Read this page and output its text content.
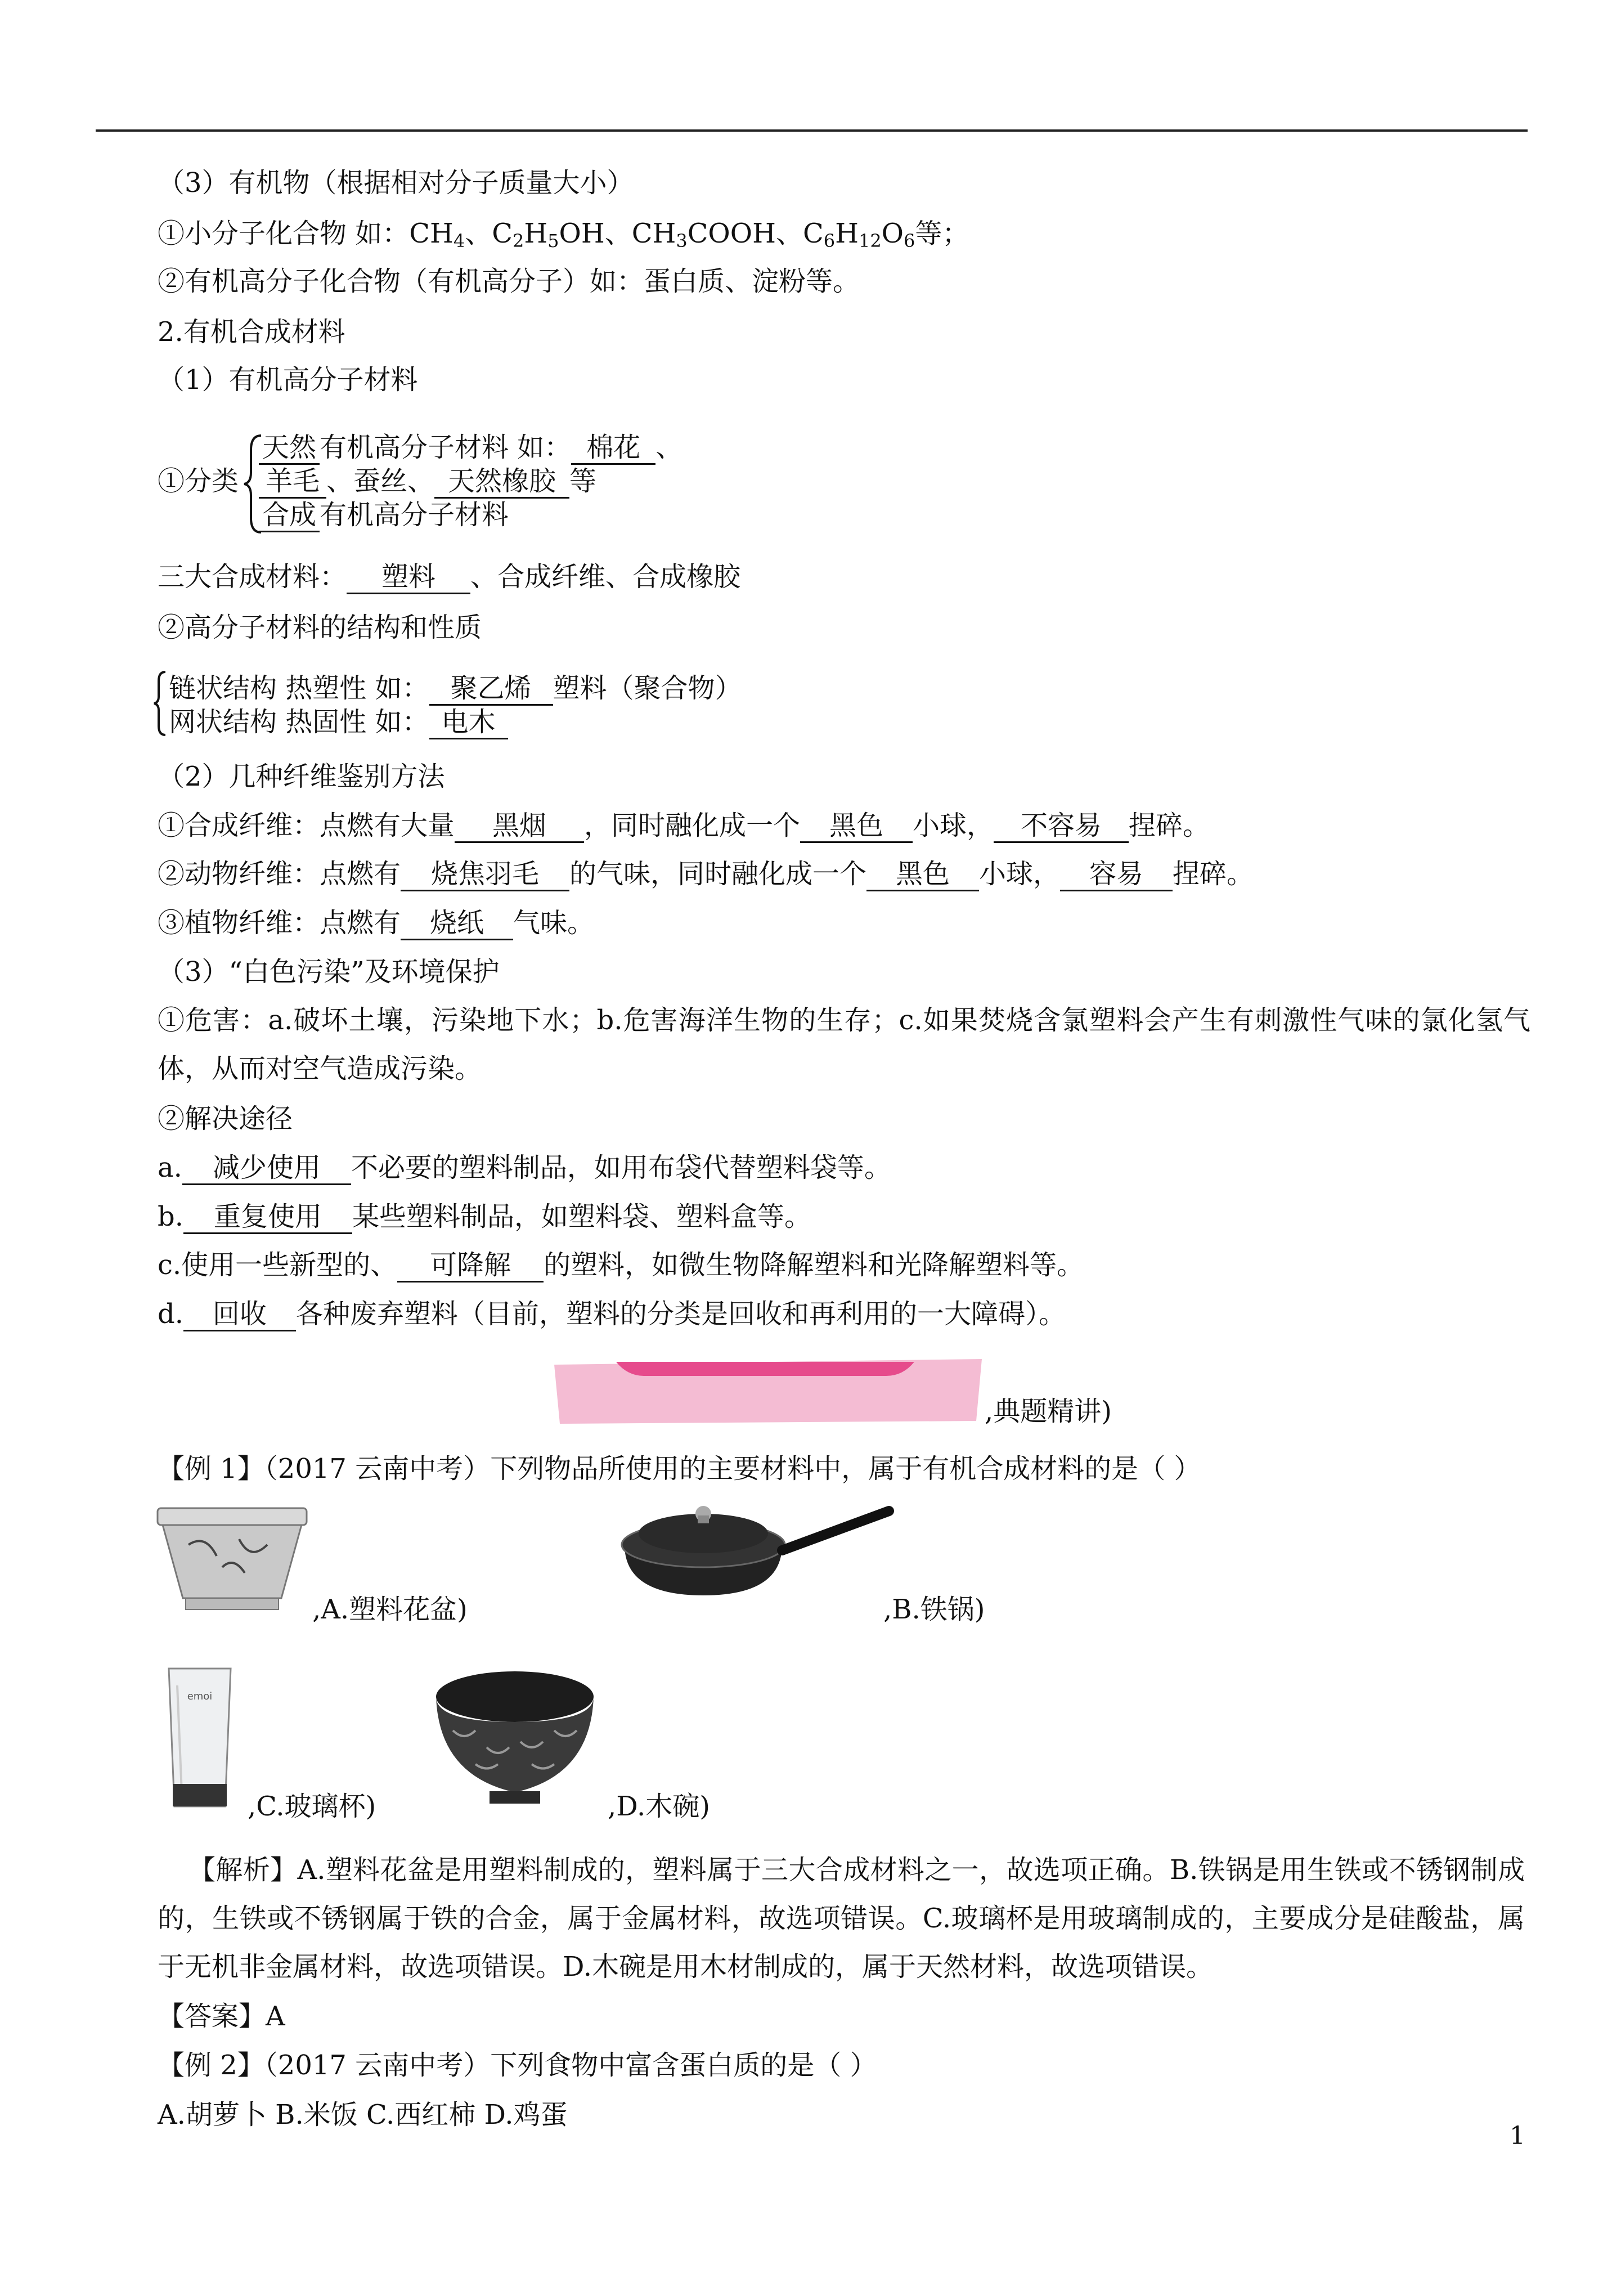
（3）有机物（根据相对分子质量大小）
①小分子化合物 如：$CH_4$、$C_2H_5OH$、$CH_3COOH$、$C_6H_{12}O_6$等；
②有机高分子化合物（有机高分子）如：蛋白质、淀粉等。
2.有机合成材料
（1）有机高分子材料
①分类
天然 有机高分子材料 如： 棉花 、
羊毛 、蚕丝、 天然橡胶 等
合成 有机高分子材料
三大合成材料： 塑料 、合成纤维、合成橡胶
②高分子材料的结构和性质
链状结构 热塑性 如： 聚乙烯 塑料（聚合物）
网状结构 热固性 如： 电木
（2）几种纤维鉴别方法
①合成纤维：点燃有大量 黑烟 ，同时融化成一个 黑色 小球， 不容易 捏碎。
②动物纤维：点燃有 烧焦羽毛 的气味，同时融化成一个 黑色 小球， 容易 捏碎。
③植物纤维：点燃有 烧纸 气味。
（3）“白色污染”及环境保护
①危害：a.破坏土壤，污染地下水；b.危害海洋生物的生存；c.如果焚烧含氯塑料会产生有刺激性气味的氯化氢气体，从而对空气造成污染。
②解决途径
a. 减少使用 不必要的塑料制品，如用布袋代替塑料袋等。
b. 重复使用 某些塑料制品，如塑料袋、塑料盒等。
c.使用一些新型的、 可降解 的塑料，如微生物降解塑料和光降解塑料等。
d. 回收 各种废弃塑料（目前，塑料的分类是回收和再利用的一大障碍）。
,典题精讲)
【例 1】（2017 云南中考）下列物品所使用的主要材料中，属于有机合成材料的是（ ）
,A.塑料花盆)	,B.铁锅)
emoi
,C.玻璃杯)	,D.木碗)
【解析】A.塑料花盆是用塑料制成的，塑料属于三大合成材料之一，故选项正确。B.铁锅是用生铁或不锈钢制成的，生铁或不锈钢属于铁的合金，属于金属材料，故选项错误。C.玻璃杯是用玻璃制成的，主要成分是硅酸盐，属于无机非金属材料，故选项错误。D.木碗是用木材制成的，属于天然材料，故选项错误。
【答案】A
【例 2】（2017 云南中考）下列食物中富含蛋白质的是（ ）
A.胡萝卜 B.米饭 C.西红柿 D.鸡蛋
1
